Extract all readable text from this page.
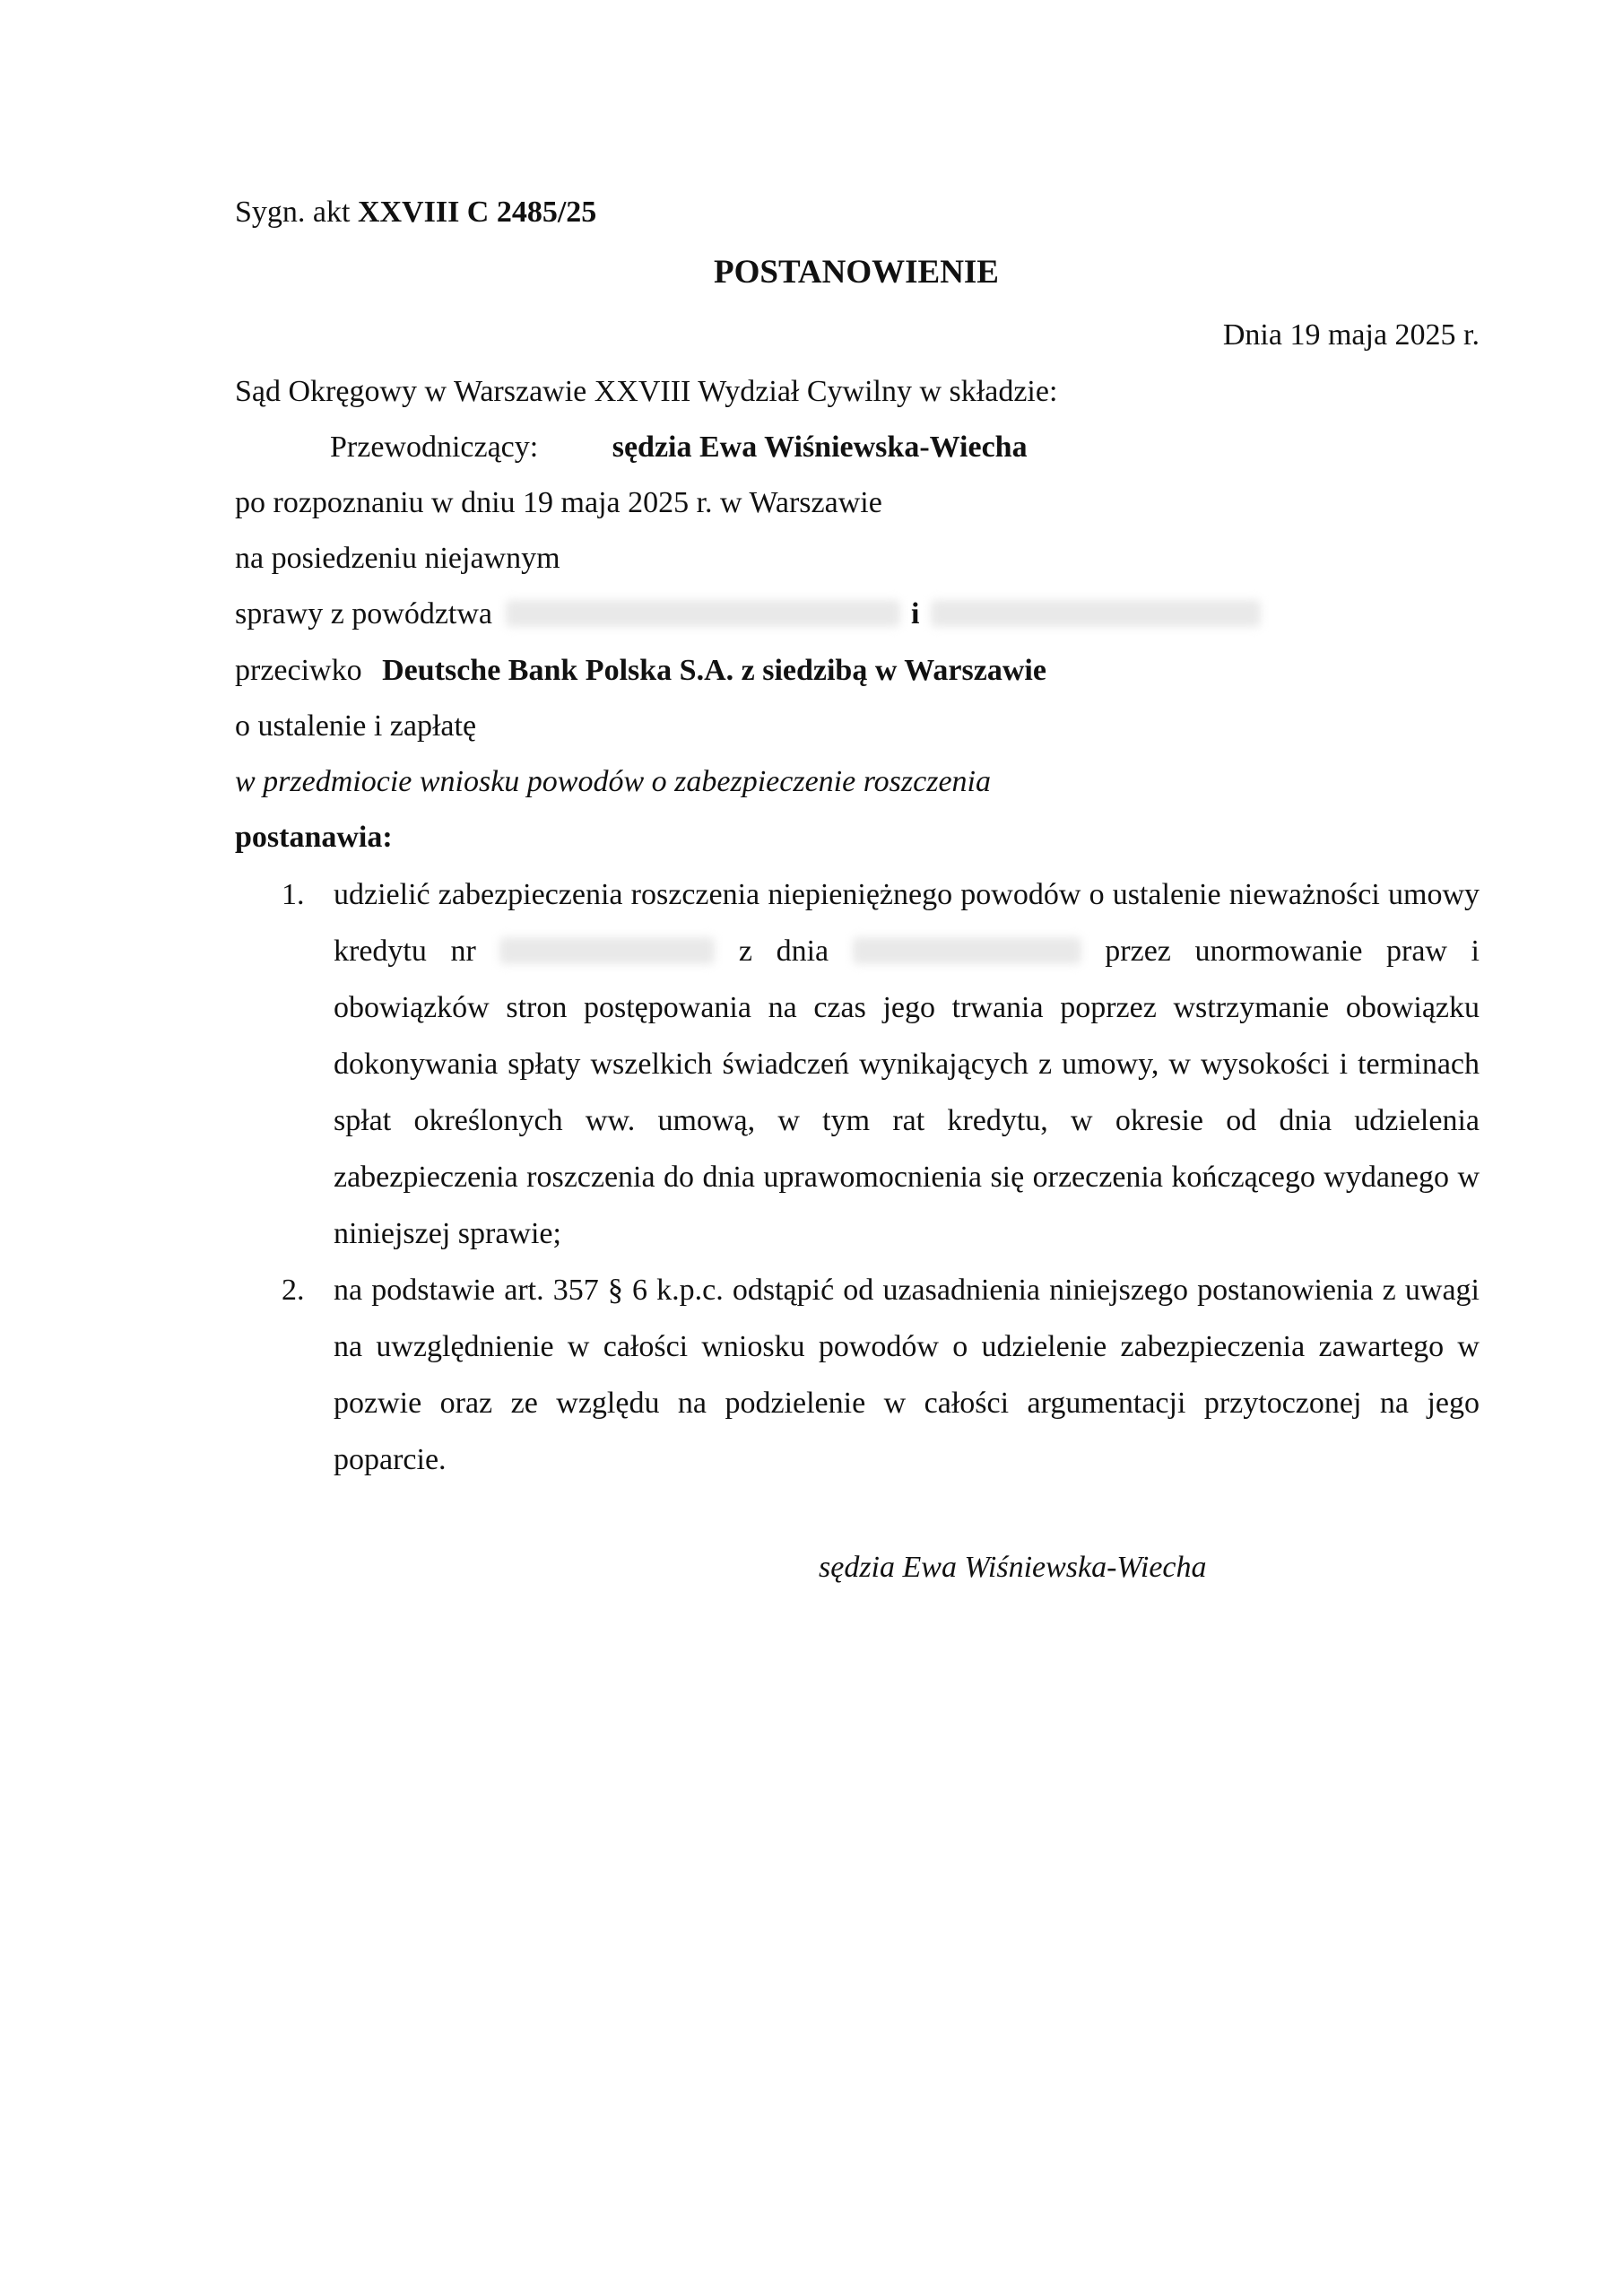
Sygn. akt XXVIII C 2485/25
POSTANOWIENIE
Dnia 19 maja 2025 r.
Sąd Okręgowy w Warszawie XXVIII Wydział Cywilny w składzie:
Przewodniczący: sędzia Ewa Wiśniewska-Wiecha
po rozpoznaniu w dniu 19 maja 2025 r. w Warszawie
na posiedzeniu niejawnym
sprawy z powództwa	i
przeciwko Deutsche Bank Polska S.A. z siedzibą w Warszawie
o ustalenie i zapłatę
w przedmiocie wniosku powodów o zabezpieczenie roszczenia
postanawia:
1. udzielić zabezpieczenia roszczenia niepieniężnego powodów o ustalenie nieważności umowy kredytu nr	z dnia	przez unormowanie praw i obowiązków stron postępowania na czas jego trwania poprzez wstrzymanie obowiązku dokonywania spłaty wszelkich świadczeń wynikających z umowy, w wysokości i terminach spłat określonych ww. umową, w tym rat kredytu, w okresie od dnia udzielenia zabezpieczenia roszczenia do dnia uprawomocnienia się orzeczenia kończącego wydanego w niniejszej sprawie;
2. na podstawie art. 357 § 6 k.p.c. odstąpić od uzasadnienia niniejszego postanowienia z uwagi na uwzględnienie w całości wniosku powodów o udzielenie zabezpieczenia zawartego w pozwie oraz ze względu na podzielenie w całości argumentacji przytoczonej na jego poparcie.
sędzia Ewa Wiśniewska-Wiecha
